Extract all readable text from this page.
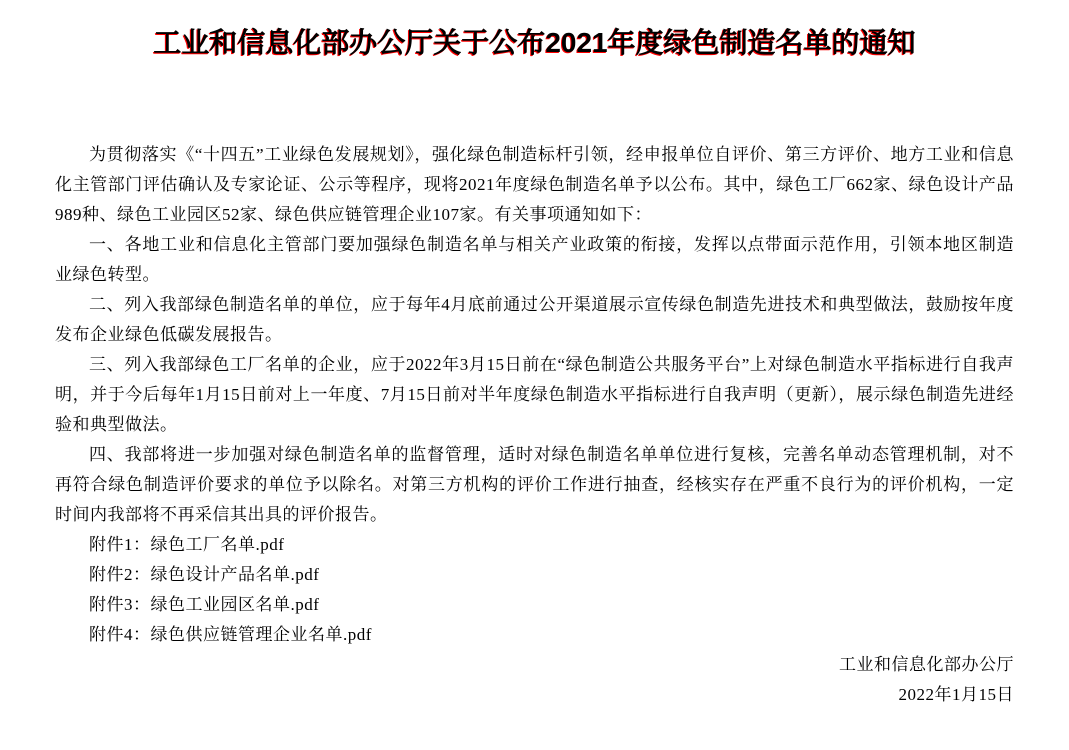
工业和信息化部办公厅关于公布2021年度绿色制造名单的通知

为贯彻落实《“十四五”工业绿色发展规划》，强化绿色制造标杆引领，经申报单位自评价、第三方评价、地方工业和信息化主管部门评估确认及专家论证、公示等程序，现将2021年度绿色制造名单予以公布。其中，绿色工厂662家、绿色设计产品989种、绿色工业园区52家、绿色供应链管理企业107家。有关事项通知如下：

一、各地工业和信息化主管部门要加强绿色制造名单与相关产业政策的衔接，发挥以点带面示范作用，引领本地区制造业绿色转型。

二、列入我部绿色制造名单的单位，应于每年4月底前通过公开渠道展示宣传绿色制造先进技术和典型做法，鼓励按年度发布企业绿色低碳发展报告。

三、列入我部绿色工厂名单的企业，应于2022年3月15日前在“绿色制造公共服务平台”上对绿色制造水平指标进行自我声明，并于今后每年1月15日前对上一年度、7月15日前对半年度绿色制造水平指标进行自我声明（更新），展示绿色制造先进经验和典型做法。

四、我部将进一步加强对绿色制造名单的监督管理，适时对绿色制造名单单位进行复核，完善名单动态管理机制，对不再符合绿色制造评价要求的单位予以除名。对第三方机构的评价工作进行抽查，经核实存在严重不良行为的评价机构，一定时间内我部将不再采信其出具的评价报告。

附件1：绿色工厂名单.pdf
附件2：绿色设计产品名单.pdf
附件3：绿色工业园区名单.pdf
附件4：绿色供应链管理企业名单.pdf
工业和信息化部办公厅
2022年1月15日
